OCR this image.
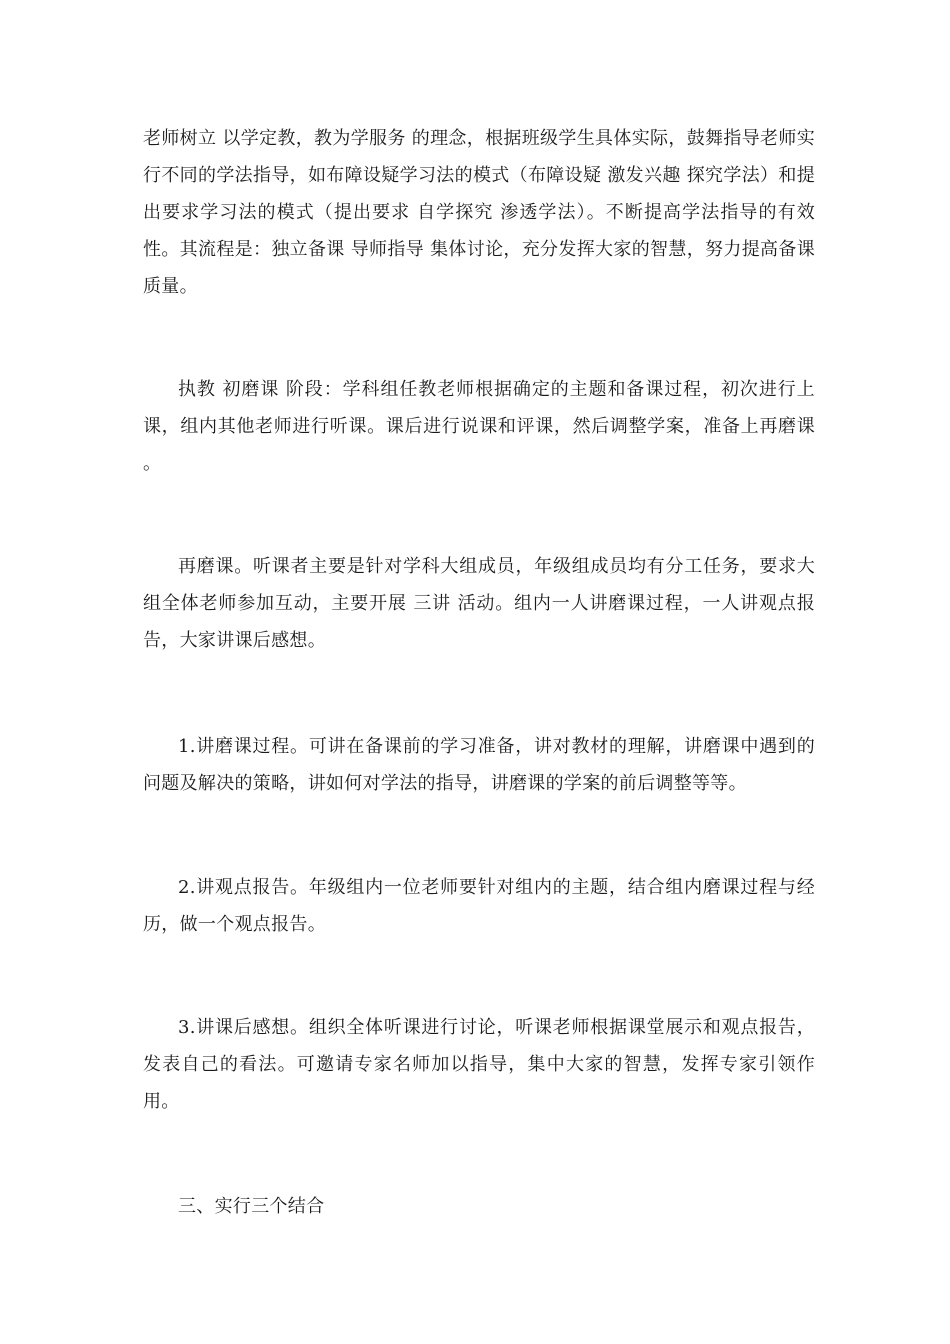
老师树立 以学定教，教为学服务 的理念，根据班级学生具体实际，鼓舞指导老师实行不同的学法指导，如布障设疑学习法的模式（布障设疑 激发兴趣 探究学法）和提出要求学习法的模式（提出要求 自学探究 渗透学法）。不断提高学法指导的有效性。其流程是：独立备课 导师指导 集体讨论，充分发挥大家的智慧，努力提高备课质量。

执教 初磨课 阶段：学科组任教老师根据确定的主题和备课过程，初次进行上课，组内其他老师进行听课。课后进行说课和评课，然后调整学案，准备上再磨课 。

再磨课。听课者主要是针对学科大组成员，年级组成员均有分工任务，要求大组全体老师参加互动，主要开展 三讲 活动。组内一人讲磨课过程，一人讲观点报告，大家讲课后感想。

1.讲磨课过程。可讲在备课前的学习准备，讲对教材的理解，讲磨课中遇到的问题及解决的策略，讲如何对学法的指导，讲磨课的学案的前后调整等等。

2.讲观点报告。年级组内一位老师要针对组内的主题，结合组内磨课过程与经历，做一个观点报告。

3.讲课后感想。组织全体听课进行讨论，听课老师根据课堂展示和观点报告，发表自己的看法。可邀请专家名师加以指导，集中大家的智慧，发挥专家引领作用。

三、实行三个结合
